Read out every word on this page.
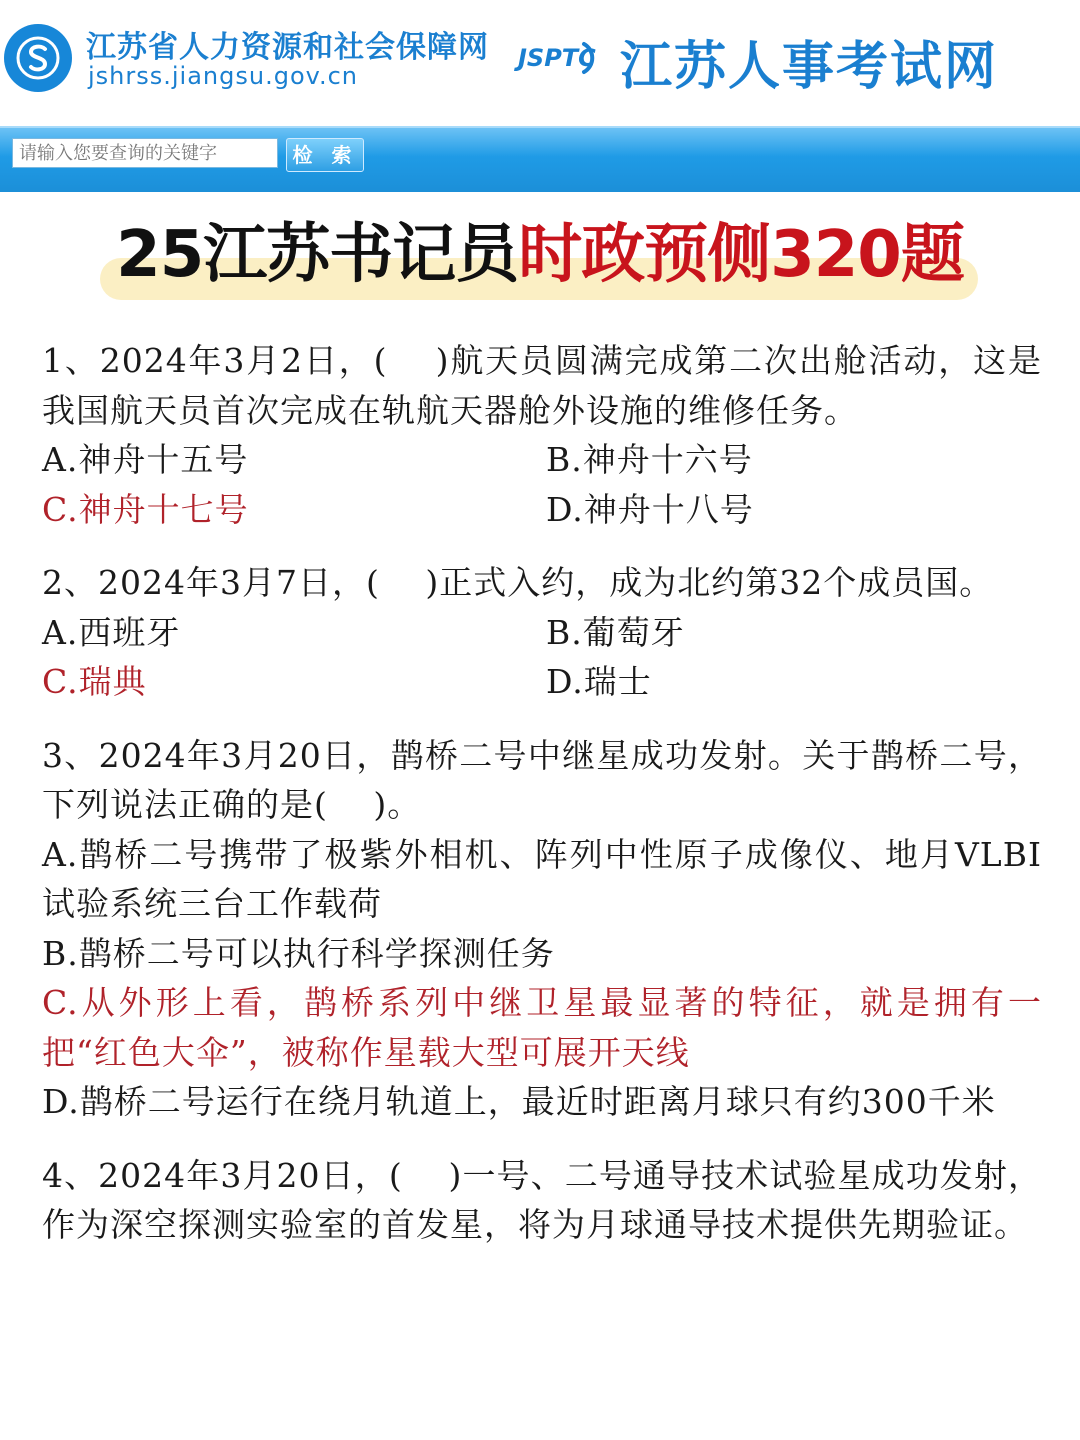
江苏省人力资源和社会保障网
jshrss.jiangsu.gov.cn
JSPTC 江苏人事考试网
请输入您要查询的关键字
检 索
25江苏书记员时政预侧320题
1、2024年3月2日，(　 )航天员圆满完成第二次出舱活动，这是我国航天员首次完成在轨航天器舱外设施的维修任务。
A.神舟十五号	B.神舟十六号
C.神舟十七号	D.神舟十八号
2、2024年3月7日，(　 )正式入约，成为北约第32个成员国。
A.西班牙	B.葡萄牙
C.瑞典	D.瑞士
3、2024年3月20日，鹊桥二号中继星成功发射。关于鹊桥二号，下列说法正确的是(　 )。
A.鹊桥二号携带了极紫外相机、阵列中性原子成像仪、地月VLBI试验系统三台工作载荷
B.鹊桥二号可以执行科学探测任务
C.从外形上看，鹊桥系列中继卫星最显著的特征，就是拥有一把“红色大伞”，被称作星载大型可展开天线
D.鹊桥二号运行在绕月轨道上，最近时距离月球只有约300千米
4、2024年3月20日，(　 )一号、二号通导技术试验星成功发射，作为深空探测实验室的首发星，将为月球通导技术提供先期验证。
